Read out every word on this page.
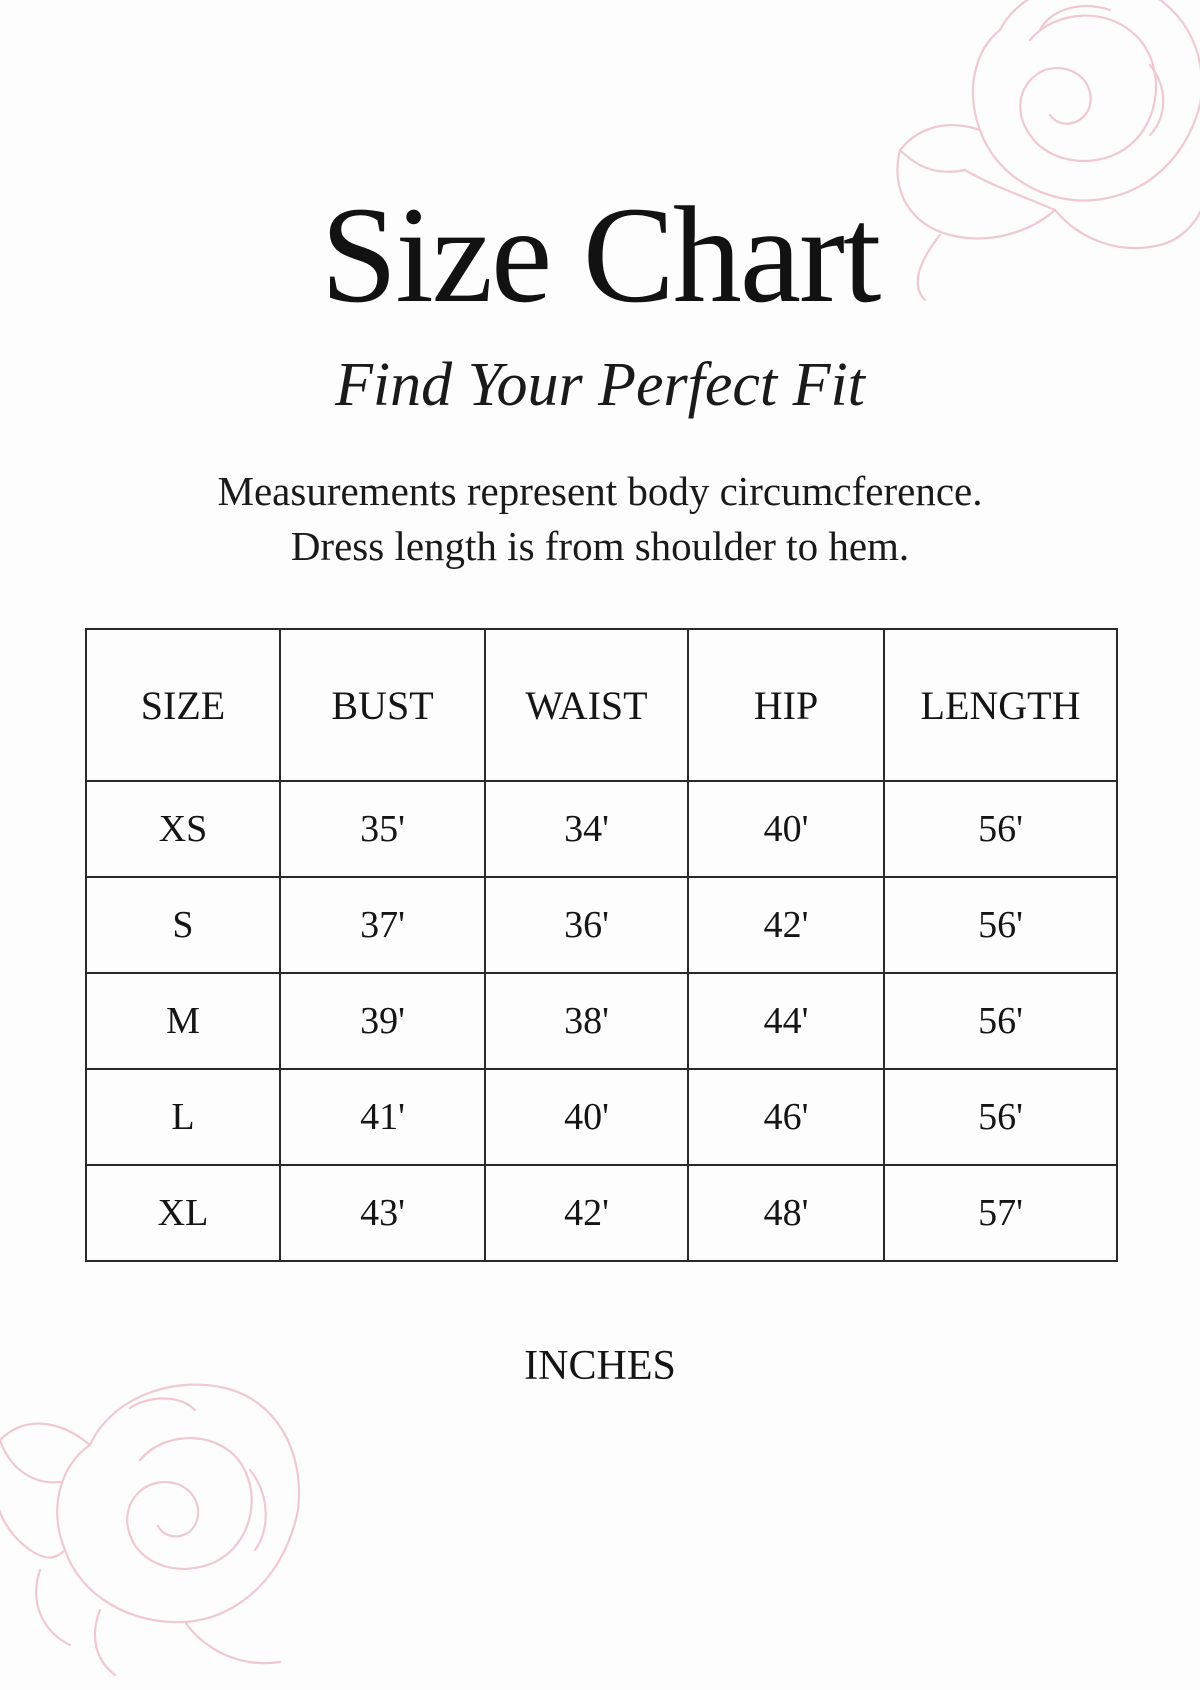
Size Chart
Find Your Perfect Fit
Measurements represent body circumcference.
Dress length is from shoulder to hem.
SIZE	BUST	WAIST	HIP	LENGTH
XS	35'	34'	40'	56'
S	37'	36'	42'	56'
M	39'	38'	44'	56'
L	41'	40'	46'	56'
XL	43'	42'	48'	57'
INCHES
